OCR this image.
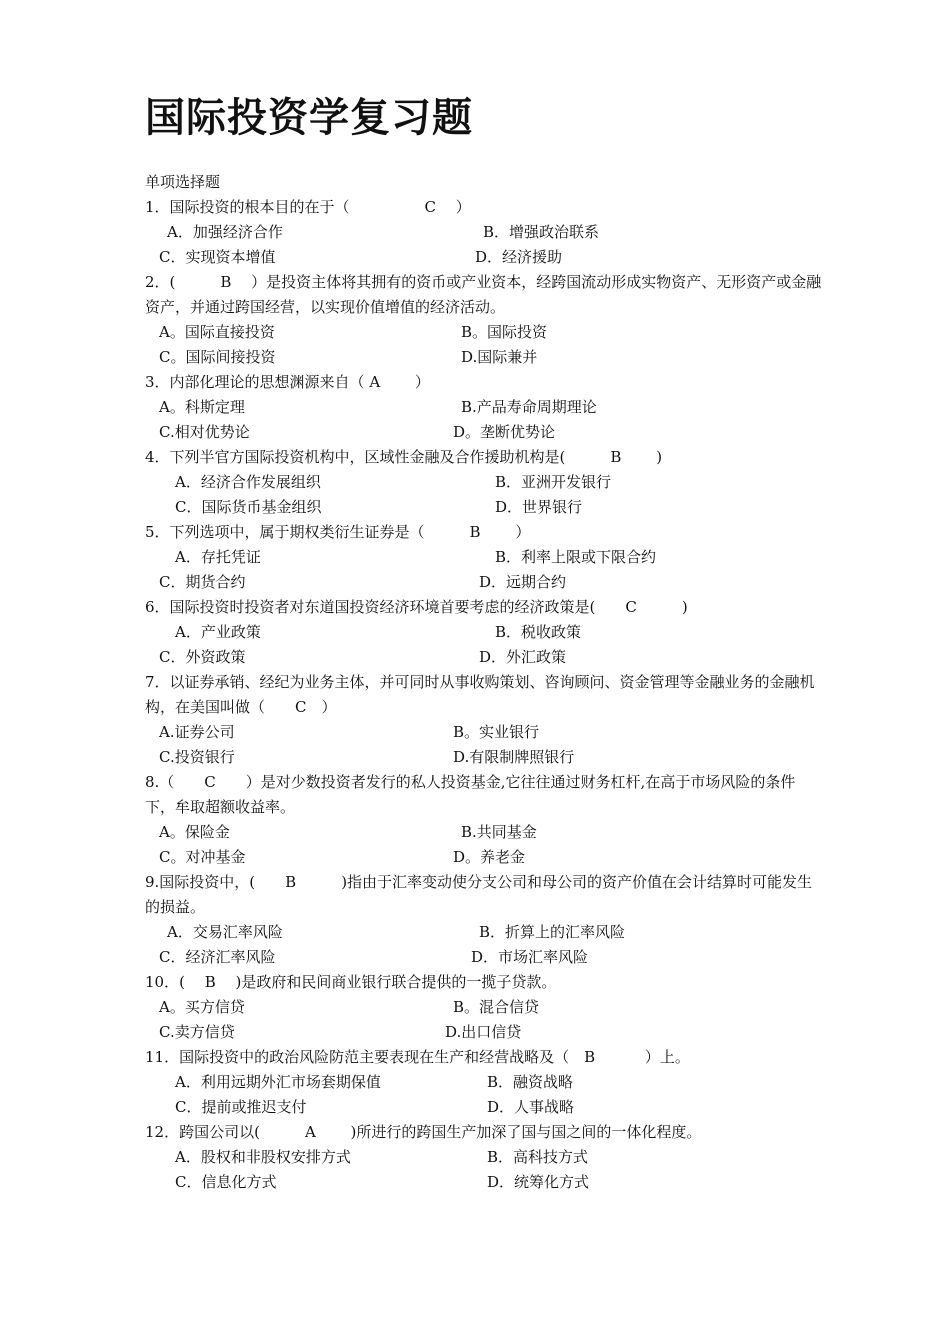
国际投资学复习题
单项选择题
1．国际投资的根本目的在于（　　　　　C　 ）
A．加强经济合作	B．增强政治联系
C．实现资本增值	D．经济援助
2．(　　　B　 ）是投资主体将其拥有的资币或产业资本，经跨国流动形成实物资产、无形资产或金融资产，并通过跨国经营，以实现价值增值的经济活动。
A。国际直接投资	B。国际投资
C。国际间接投资	D.国际兼并
3．内部化理论的思想渊源来自（ A　　 ）
A。科斯定理	B.产品寿命周期理论
C.相对优势论	D。垄断优势论
4．下列半官方国际投资机构中，区域性金融及合作援助机构是(　　　B　　 )
A．经济合作发展组织	B．亚洲开发银行
C．国际货币基金组织	D．世界银行
5．下列选项中，属于期权类衍生证券是（　　　B　　 ）
A．存托凭证	B．利率上限或下限合约
C．期货合约	D．远期合约
6．国际投资时投资者对东道国投资经济环境首要考虑的经济政策是(　　C　　　)
A．产业政策	B．税收政策
C．外资政策	D．外汇政策
7．以证券承销、经纪为业务主体，并可同时从事收购策划、咨询顾问、资金管理等金融业务的金融机构，在美国叫做（　　C　）
A.证券公司	B。实业银行
C.投资银行	D.有限制牌照银行
8.（　　C　　）是对少数投资者发行的私人投资基金,它往往通过财务杠杆,在高于市场风险的条件下，牟取超额收益率。
A。保险金	B.共同基金
C。对冲基金	D。养老金
9.国际投资中，(　　B　　　)指由于汇率变动使分支公司和母公司的资产价值在会计结算时可能发生的损益。
A．交易汇率风险	B．折算上的汇率风险
C．经济汇率风险	D．市场汇率风险
10．(　 B　 )是政府和民间商业银行联合提供的一揽子贷款。
A。买方信贷	B。混合信贷
C.卖方信贷	D.出口信贷
11．国际投资中的政治风险防范主要表现在生产和经营战略及（　B　　　 ）上。
A．利用远期外汇市场套期保值	B．融资战略
C．提前或推迟支付	D．人事战略
12．跨国公司以(　　　A　　 )所进行的跨国生产加深了国与国之间的一体化程度。
A．股权和非股权安排方式	B．高科技方式
C．信息化方式	D．统筹化方式
